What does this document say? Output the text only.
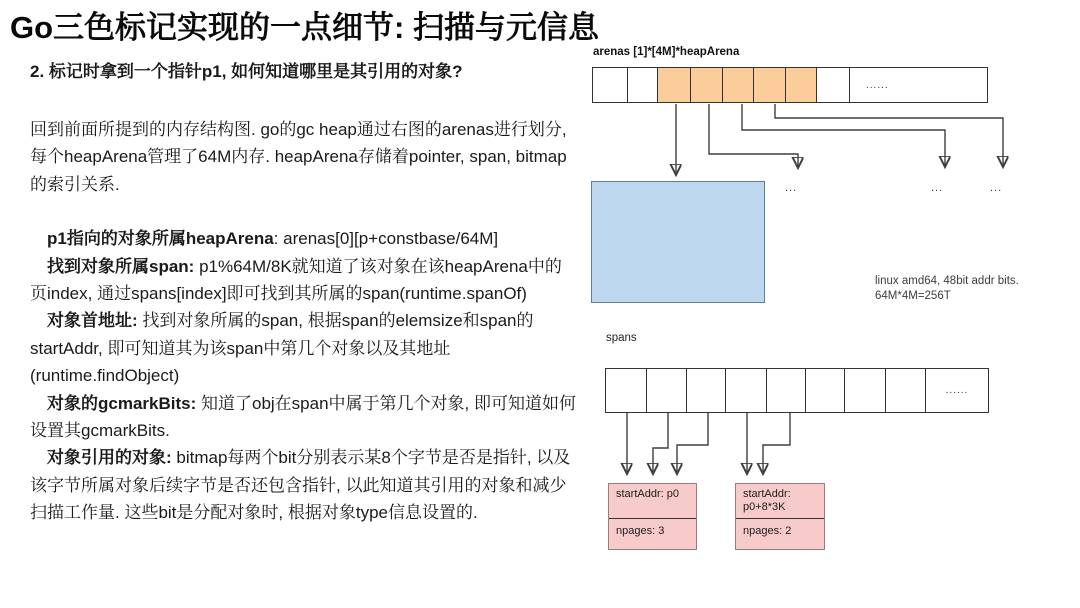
Go三色标记实现的一点细节: 扫描与元信息
2. 标记时拿到一个指针p1, 如何知道哪里是其引用的对象?

回到前面所提到的内存结构图. go的gc heap通过右图的arenas进行划分, 每个heapArena管理了64M内存. heapArena存储着pointer, span, bitmap的索引关系.

p1指向的对象所属heapArena: arenas[0][p+constbase/64M]

找到对象所属span: p1%64M/8K就知道了该对象在该heapArena中的页index, 通过spans[index]即可找到其所属的span(runtime.spanOf)

对象首地址: 找到对象所属的span, 根据span的elemsize和span的startAddr, 即可知道其为该span中第几个对象以及其地址(runtime.findObject)

对象的gcmarkBits: 知道了obj在span中属于第几个对象, 即可知道如何设置其gcmarkBits.

对象引用的对象: bitmap每两个bit分别表示某8个字节是否是指针, 以及该字节所属对象后续字节是否还包含指针, 以此知道其引用的对象和减少扫描工作量. 这些bit是分配对象时, 根据对象type信息设置的.

arenas [1]*[4M]*heapArena
......
...	...	...
linux amd64, 48bit addr bits.
64M*4M=256T
spans
......
startAddr: p0
npages: 3
startAddr: p0+8*3K
npages: 2
